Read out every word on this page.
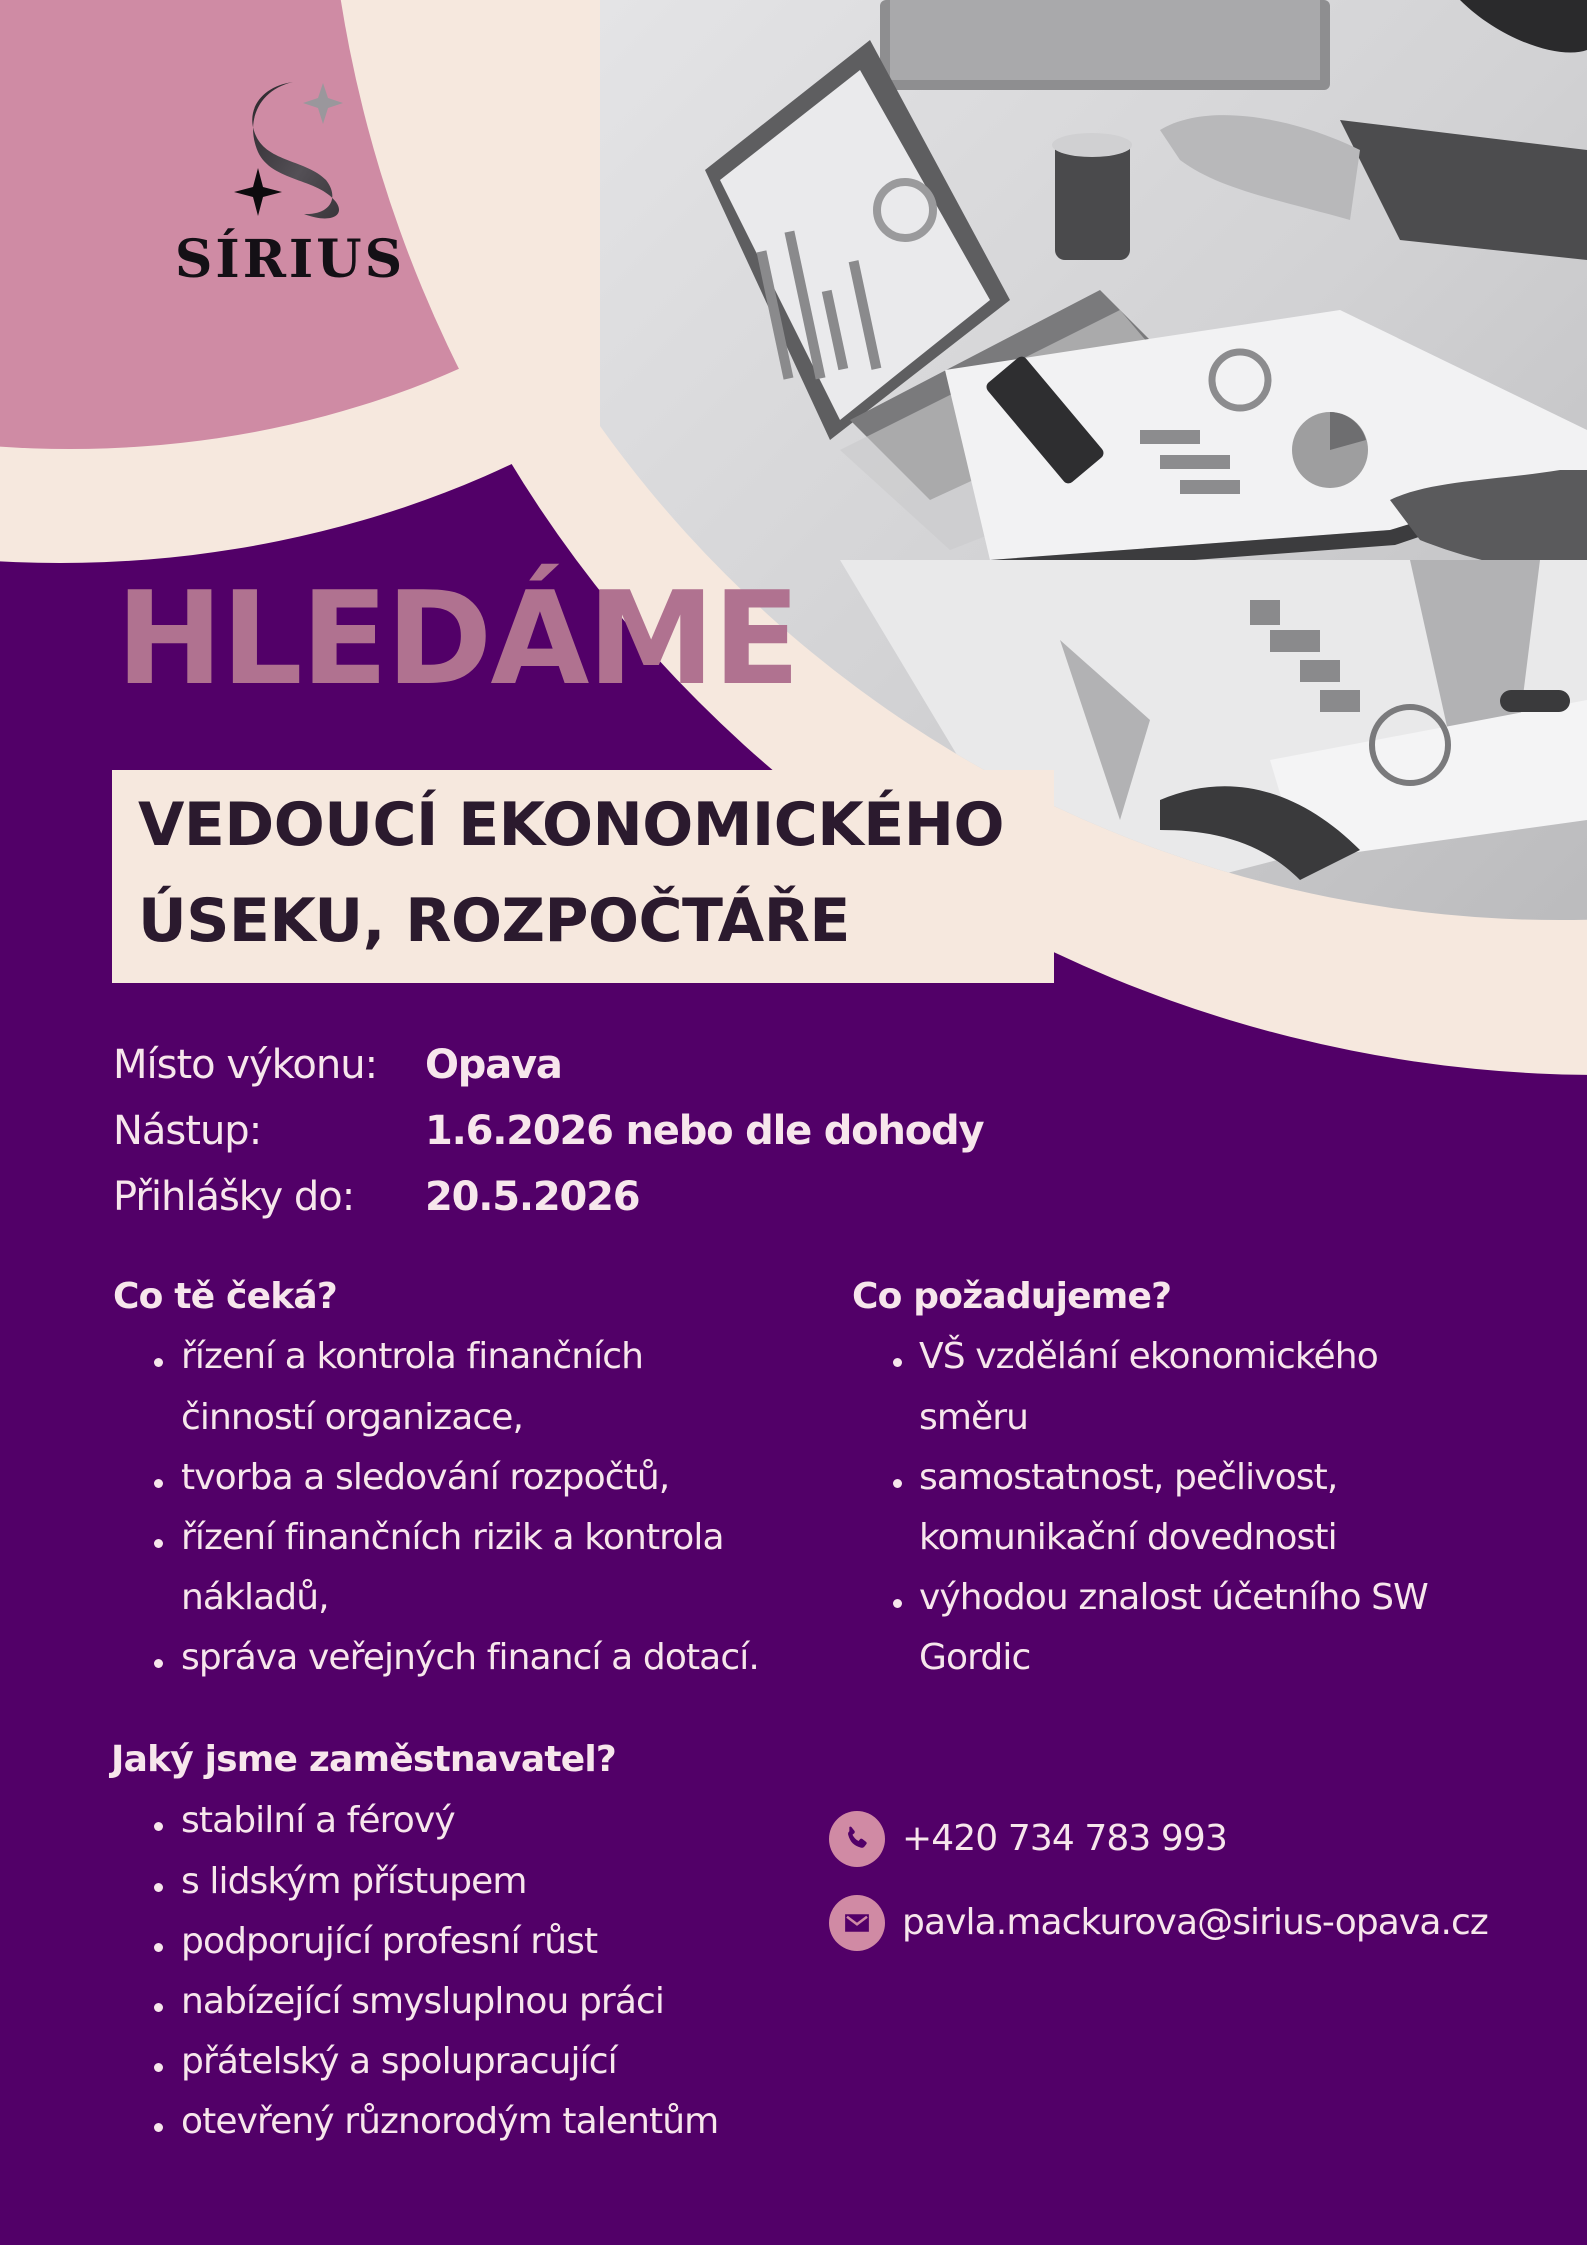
SÍRIUS
HLEDÁME
VEDOUCÍ EKONOMICKÉHO
ÚSEKU, ROZPOČTÁŘE
Místo výkonu: Opava
Nástup:	1.6.2026 nebo dle dohody
Přihlášky do: 20.5.2026
Co tě čeká?
řízení a kontrola finančních
činností organizace,
tvorba a sledování rozpočtů,
řízení finančních rizik a kontrola
nákladů,
správa veřejných financí a dotací.
Co požadujeme?
VŠ vzdělání ekonomického
směru
samostatnost, pečlivost,
komunikační dovednosti
výhodou znalost účetního SW
Gordic
Jaký jsme zaměstnavatel?
stabilní a férový
s lidským přístupem
podporující profesní růst
nabízející smysluplnou práci
přátelský a spolupracující
otevřený různorodým talentům
+420 734 783 993
pavla.mackurova@sirius-opava.cz
